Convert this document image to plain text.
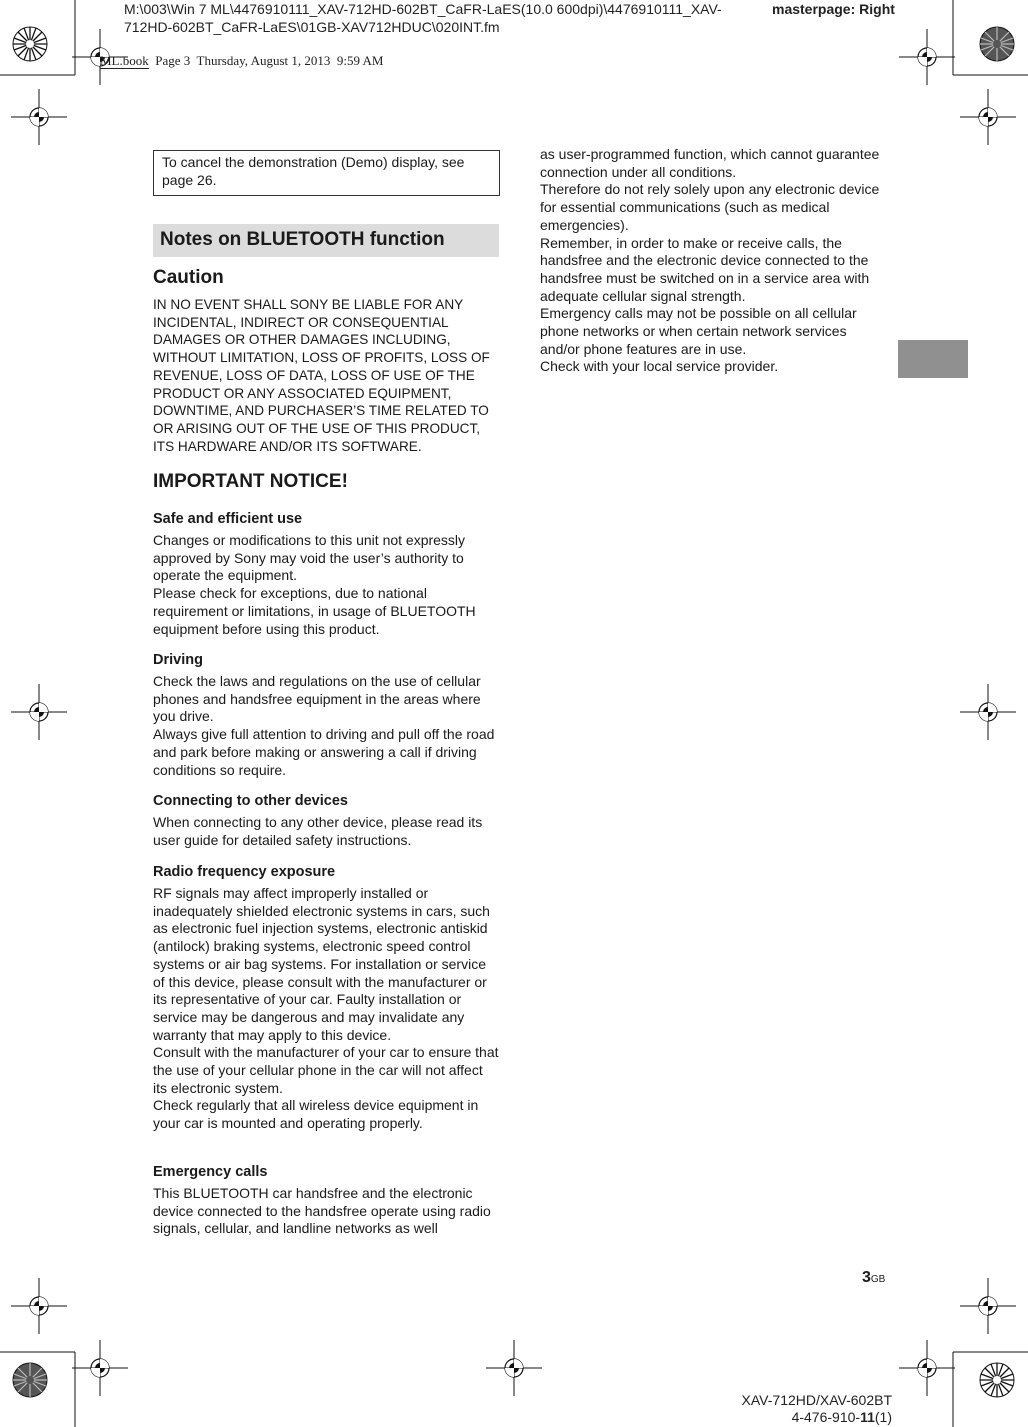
M:\003\Win 7 ML\4476910111_XAV-712HD-602BT_CaFR-LaES(10.0 600dpi)\4476910111_XAV-712HD-602BT_CaFR-LaES\01GB-XAV712HDUC\020INT.fm
masterpage: Right
ML.book  Page 3  Thursday, August 1, 2013  9:59 AM
To cancel the demonstration (Demo) display, see page 26.
Notes on BLUETOOTH function
Caution
IN NO EVENT SHALL SONY BE LIABLE FOR ANY INCIDENTAL, INDIRECT OR CONSEQUENTIAL DAMAGES OR OTHER DAMAGES INCLUDING, WITHOUT LIMITATION, LOSS OF PROFITS, LOSS OF REVENUE, LOSS OF DATA, LOSS OF USE OF THE PRODUCT OR ANY ASSOCIATED EQUIPMENT, DOWNTIME, AND PURCHASER’S TIME RELATED TO OR ARISING OUT OF THE USE OF THIS PRODUCT, ITS HARDWARE AND/OR ITS SOFTWARE.
IMPORTANT NOTICE!
Safe and efficient use
Changes or modifications to this unit not expressly approved by Sony may void the user’s authority to operate the equipment.
Please check for exceptions, due to national requirement or limitations, in usage of BLUETOOTH equipment before using this product.
Driving
Check the laws and regulations on the use of cellular phones and handsfree equipment in the areas where you drive.
Always give full attention to driving and pull off the road and park before making or answering a call if driving conditions so require.
Connecting to other devices
When connecting to any other device, please read its user guide for detailed safety instructions.
Radio frequency exposure
RF signals may affect improperly installed or inadequately shielded electronic systems in cars, such as electronic fuel injection systems, electronic antiskid (antilock) braking systems, electronic speed control systems or air bag systems. For installation or service of this device, please consult with the manufacturer or its representative of your car. Faulty installation or service may be dangerous and may invalidate any warranty that may apply to this device.
Consult with the manufacturer of your car to ensure that the use of your cellular phone in the car will not affect its electronic system.
Check regularly that all wireless device equipment in your car is mounted and operating properly.
Emergency calls
This BLUETOOTH car handsfree and the electronic device connected to the handsfree operate using radio signals, cellular, and landline networks as well
as user-programmed function, which cannot guarantee connection under all conditions.
Therefore do not rely solely upon any electronic device for essential communications (such as medical emergencies).
Remember, in order to make or receive calls, the handsfree and the electronic device connected to the handsfree must be switched on in a service area with adequate cellular signal strength.
Emergency calls may not be possible on all cellular phone networks or when certain network services and/or phone features are in use.
Check with your local service provider.
3GB
XAV-712HD/XAV-602BT
4-476-910-11(1)
